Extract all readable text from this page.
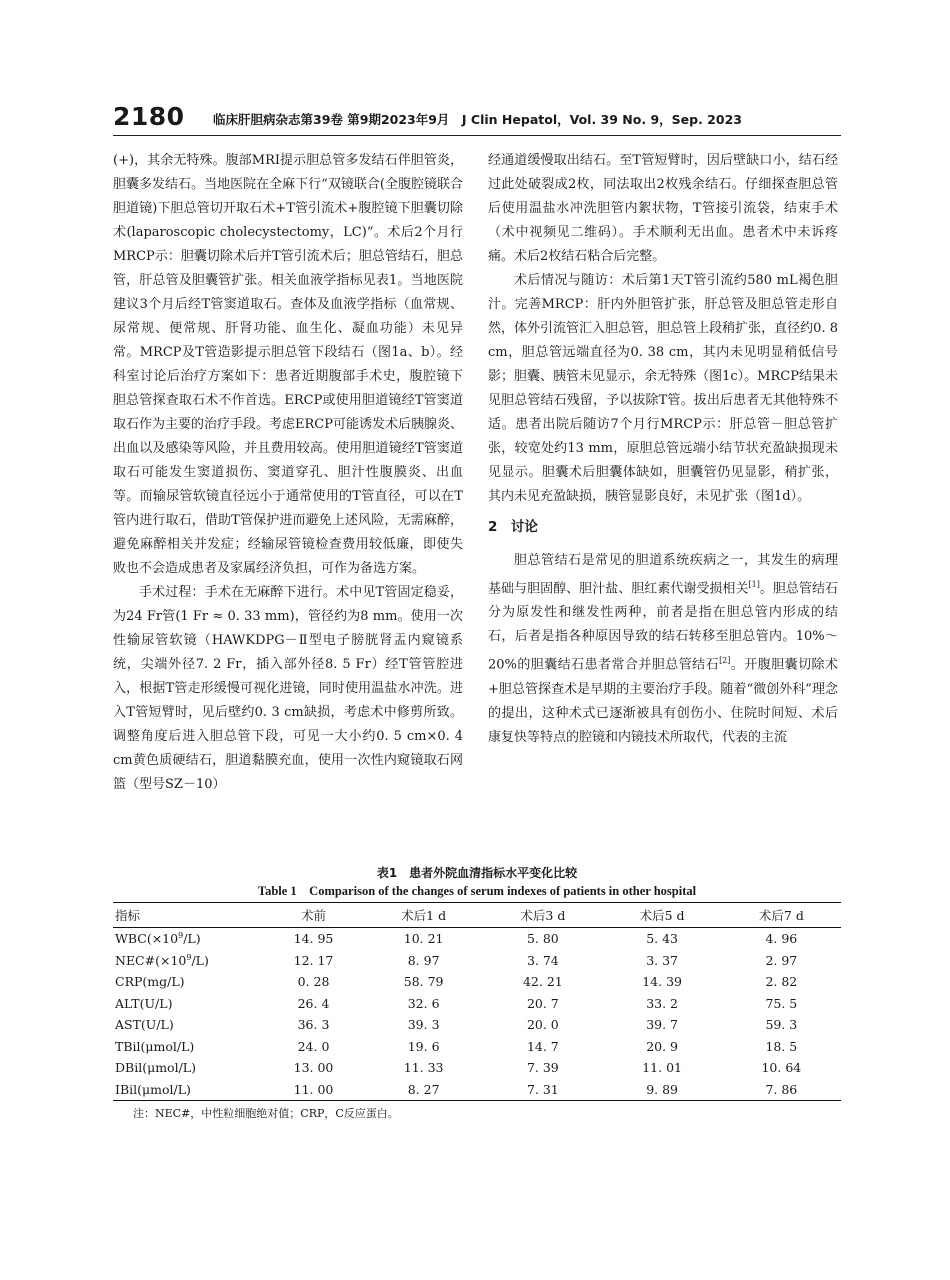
2180 临床肝胆病杂志第39卷 第9期2023年9月　J Clin Hepatol，Vol. 39 No. 9，Sep. 2023

(+)，其余无特殊。腹部MRI提示胆总管多发结石伴胆管炎，胆囊多发结石。当地医院在全麻下行“双镜联合(全腹腔镜联合胆道镜)下胆总管切开取石术+T管引流术+腹腔镜下胆囊切除术(laparoscopic cholecystectomy，LC)”。术后2个月行MRCP示：胆囊切除术后并T管引流术后；胆总管结石，胆总管，肝总管及胆囊管扩张。相关血液学指标见表1。当地医院建议3个月后经T管窦道取石。查体及血液学指标（血常规、尿常规、便常规、肝肾功能、血生化、凝血功能）未见异常。MRCP及T管造影提示胆总管下段结石（图1a、b）。经科室讨论后治疗方案如下：患者近期腹部手术史，腹腔镜下胆总管探查取石术不作首选。ERCP或使用胆道镜经T管窦道取石作为主要的治疗手段。考虑ERCP可能诱发术后胰腺炎、出血以及感染等风险，并且费用较高。使用胆道镜经T管窦道取石可能发生窦道损伤、窦道穿孔、胆汁性腹膜炎、出血等。而输尿管软镜直径远小于通常使用的T管直径，可以在T管内进行取石，借助T管保护进而避免上述风险，无需麻醉，避免麻醉相关并发症；经输尿管镜检查费用较低廉，即使失败也不会造成患者及家属经济负担，可作为备选方案。

手术过程：手术在无麻醉下进行。术中见T管固定稳妥，为24 Fr管(1 Fr ≈ 0. 33 mm)，管径约为8 mm。使用一次性输尿管软镜（HAWKDPG－Ⅱ型电子膀胱肾盂内窥镜系统，尖端外径7. 2 Fr，插入部外径8. 5 Fr）经T管管腔进入，根据T管走形缓慢可视化进镜，同时使用温盐水冲洗。进入T管短臂时，见后壁约0. 3 cm缺损，考虑术中修剪所致。调整角度后进入胆总管下段，可见一大小约0. 5 cm×0. 4 cm黄色质硬结石，胆道黏膜充血，使用一次性内窥镜取石网篮（型号SZ－10）

经通道缓慢取出结石。至T管短臂时，因后壁缺口小，结石经过此处破裂成2枚，同法取出2枚残余结石。仔细探查胆总管后使用温盐水冲洗胆管内絮状物，T管接引流袋，结束手术（术中视频见二维码）。手术顺利无出血。患者术中未诉疼痛。术后2枚结石粘合后完整。

术后情况与随访：术后第1天T管引流约580 mL褐色胆汁。完善MRCP：肝内外胆管扩张，肝总管及胆总管走形自然，体外引流管汇入胆总管，胆总管上段稍扩张，直径约0. 8 cm，胆总管远端直径为0. 38 cm，其内未见明显稍低信号影；胆囊、胰管未见显示，余无特殊（图1c）。MRCP结果未见胆总管结石残留，予以拔除T管。拔出后患者无其他特殊不适。患者出院后随访7个月行MRCP示：肝总管－胆总管扩张，较宽处约13 mm，原胆总管远端小结节状充盈缺损现未见显示。胆囊术后胆囊体缺如，胆囊管仍见显影，稍扩张，其内未见充盈缺损，胰管显影良好，未见扩张（图1d）。

2　讨论

胆总管结石是常见的胆道系统疾病之一，其发生的病理基础与胆固醇、胆汁盐、胆红素代谢受损相关[1]。胆总管结石分为原发性和继发性两种，前者是指在胆总管内形成的结石，后者是指各种原因导致的结石转移至胆总管内。10%～20%的胆囊结石患者常合并胆总管结石[2]。开腹胆囊切除术+胆总管探查术是早期的主要治疗手段。随着“微创外科”理念的提出，这种术式已逐渐被具有创伤小、住院时间短、术后康复快等特点的腔镜和内镜技术所取代，代表的主流

表1　患者外院血清指标水平变化比较
Table 1　Comparison of the changes of serum indexes of patients in other hospital
指标	术前	术后1 d	术后3 d	术后5 d	术后7 d
$WBC(\times 10^9/L)$	14. 95	10. 21	5. 80	5. 43	4. 96
$NEC\#(\times 10^9/L)$	12. 17	8. 97	3. 74	3. 37	2. 97
CRP(mg/L)	0. 28	58. 79	42. 21	14. 39	2. 82
ALT(U/L)	26. 4	32. 6	20. 7	33. 2	75. 5
AST(U/L)	36. 3	39. 3	20. 0	39. 7	59. 3
TBil(μmol/L)	24. 0	19. 6	14. 7	20. 9	18. 5
DBil(μmol/L)	13. 00	11. 33	7. 39	11. 01	10. 64
IBil(μmol/L)	11. 00	8. 27	7. 31	9. 89	7. 86
注：NEC#，中性粒细胞绝对值；CRP，C反应蛋白。
